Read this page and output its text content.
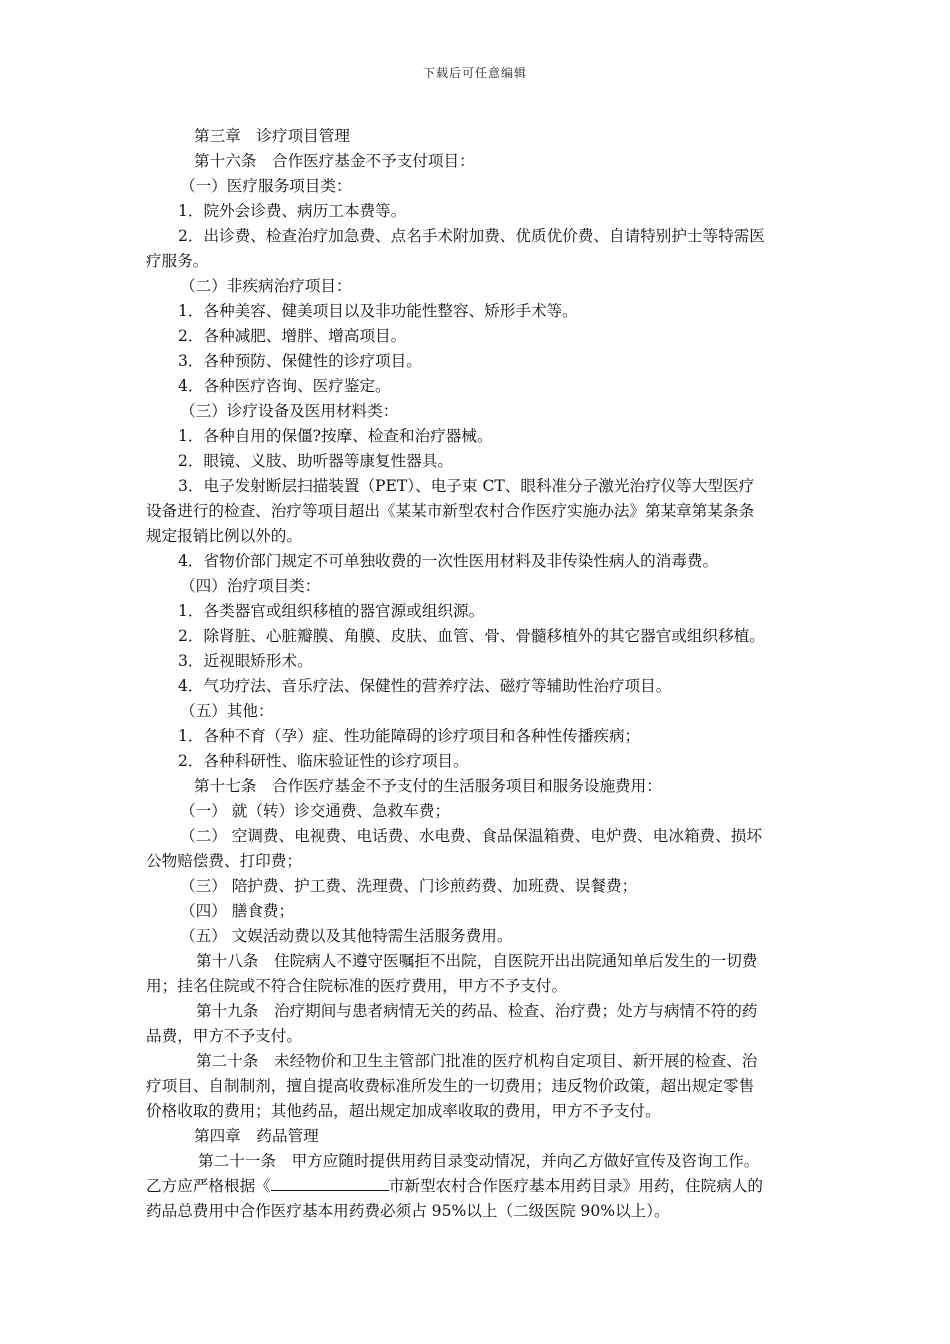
下载后可任意编辑

第三章　诊疗项目管理

第十六条　合作医疗基金不予支付项目：

（一）医疗服务项目类：

1．院外会诊费、病历工本费等。

2．出诊费、检查治疗加急费、点名手术附加费、优质优价费、自请特别护士等特需医

疗服务。

（二）非疾病治疗项目：

1．各种美容、健美项目以及非功能性整容、矫形手术等。

2．各种减肥、增胖、增高项目。

3．各种预防、保健性的诊疗项目。

4．各种医疗咨询、医疗鉴定。

（三）诊疗设备及医用材料类：

1．各种自用的保僵?按摩、检查和治疗器械。

2．眼镜、义肢、助听器等康复性器具。

3．电子发射断层扫描装置（PET）、电子束 CT、眼科准分子激光治疗仪等大型医疗

设备进行的检查、治疗等项目超出《某某市新型农村合作医疗实施办法》第某章第某条条

规定报销比例以外的。

4．省物价部门规定不可单独收费的一次性医用材料及非传染性病人的消毒费。

（四）治疗项目类：

1．各类器官或组织移植的器官源或组织源。

2．除肾脏、心脏瓣膜、角膜、皮肤、血管、骨、骨髓移植外的其它器官或组织移植。

3．近视眼矫形术。

4．气功疗法、音乐疗法、保健性的营养疗法、磁疗等辅助性治疗项目。

（五）其他：

1．各种不育（孕）症、性功能障碍的诊疗项目和各种性传播疾病；

2．各种科研性、临床验证性的诊疗项目。

第十七条　合作医疗基金不予支付的生活服务项目和服务设施费用：

（一） 就（转）诊交通费、急救车费；

（二） 空调费、电视费、电话费、水电费、食品保温箱费、电炉费、电冰箱费、损坏

公物赔偿费、打印费；

（三） 陪护费、护工费、洗理费、门诊煎药费、加班费、误餐费；

（四） 膳食费；

（五） 文娱活动费以及其他特需生活服务费用。

第十八条　住院病人不遵守医嘱拒不出院，自医院开出出院通知单后发生的一切费

用；挂名住院或不符合住院标准的医疗费用，甲方不予支付。

第十九条　治疗期间与患者病情无关的药品、检查、治疗费；处方与病情不符的药

品费，甲方不予支付。

第二十条　未经物价和卫生主管部门批准的医疗机构自定项目、新开展的检查、治

疗项目、自制制剂，擅自提高收费标准所发生的一切费用；违反物价政策，超出规定零售

价格收取的费用；其他药品，超出规定加成率收取的费用，甲方不予支付。

第四章　药品管理

第二十一条　甲方应随时提供用药目录变动情况，并向乙方做好宣传及咨询工作。

乙方应严格根据《	市新型农村合作医疗基本用药目录》用药，住院病人的

药品总费用中合作医疗基本用药费必须占 95%以上（二级医院 90%以上）。
